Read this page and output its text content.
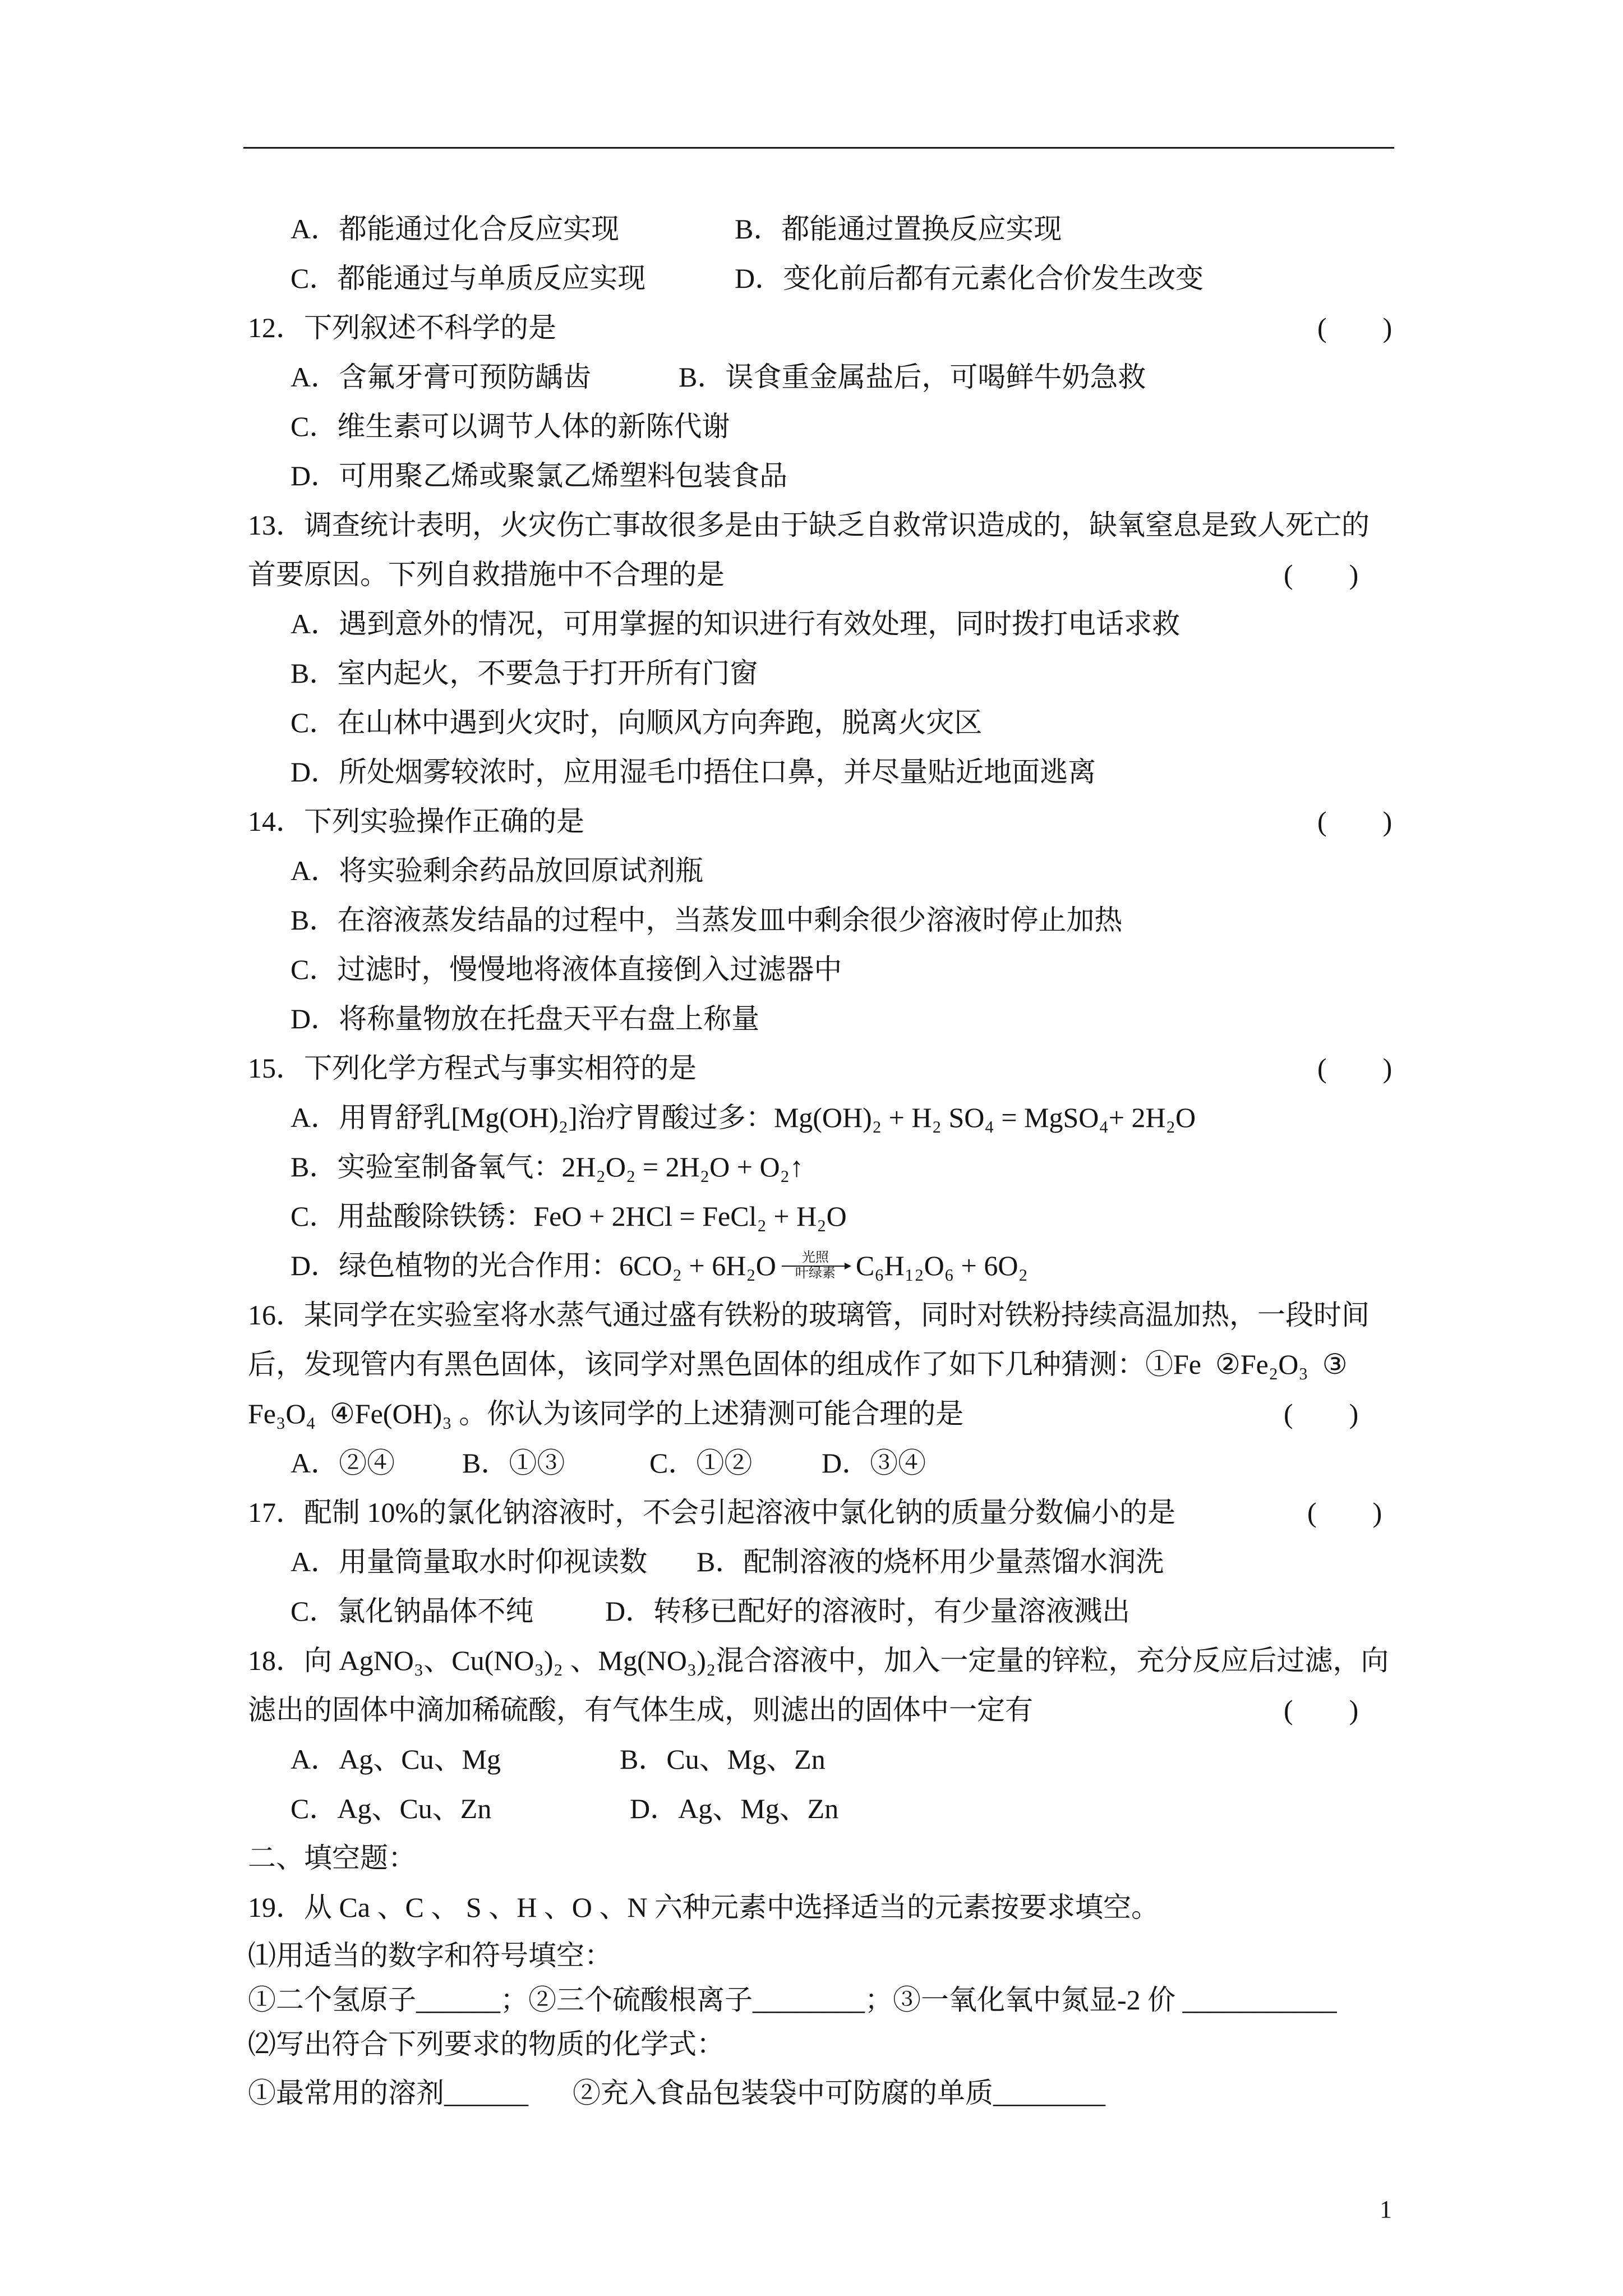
A．都能通过化合反应实现	B．都能通过置换反应实现
C．都能通过与单质反应实现	D．变化前后都有元素化合价发生改变
12．下列叙述不科学的是	(　　)
A．含氟牙膏可预防龋齿	B．误食重金属盐后，可喝鲜牛奶急救
C．维生素可以调节人体的新陈代谢
D．可用聚乙烯或聚氯乙烯塑料包装食品
13．调查统计表明，火灾伤亡事故很多是由于缺乏自救常识造成的，缺氧窒息是致人死亡的
首要原因。下列自救措施中不合理的是	(　　)
A．遇到意外的情况，可用掌握的知识进行有效处理，同时拨打电话求救
B．室内起火，不要急于打开所有门窗
C．在山林中遇到火灾时，向顺风方向奔跑，脱离火灾区
D．所处烟雾较浓时，应用湿毛巾捂住口鼻，并尽量贴近地面逃离
14．下列实验操作正确的是	(　　)
A．将实验剩余药品放回原试剂瓶
B．在溶液蒸发结晶的过程中，当蒸发皿中剩余很少溶液时停止加热
C．过滤时，慢慢地将液体直接倒入过滤器中
D．将称量物放在托盘天平右盘上称量
15．下列化学方程式与事实相符的是	(　　)
A．用胃舒乳[Mg(OH)₂]治疗胃酸过多：Mg(OH)₂ + H₂ SO₄ = MgSO₄+ 2H₂O
B．实验室制备氧气：2H₂O₂ = 2H₂O + O₂↑
C．用盐酸除铁锈：FeO + 2HCl = FeCl₂ + H₂O
D．绿色植物的光合作用：6CO₂ + 6H₂O	光照
叶绿素 C₆H₁₂O₆ + 6O₂
16．某同学在实验室将水蒸气通过盛有铁粉的玻璃管，同时对铁粉持续高温加热，一段时间
后，发现管内有黑色固体，该同学对黑色固体的组成作了如下几种猜测：①Fe  ②Fe₂O₃  ③
Fe₃O₄  ④Fe(OH)₃ 。你认为该同学的上述猜测可能合理的是	(　　)
A．②④ B．①③	C．①② D．③④
17．配制 10%的氯化钠溶液时，不会引起溶液中氯化钠的质量分数偏小的是	(　　)
A．用量筒量取水时仰视读数 B．配制溶液的烧杯用少量蒸馏水润洗
C．氯化钠晶体不纯	D．转移已配好的溶液时，有少量溶液溅出
18．向 AgNO₃、Cu(NO₃)₂ 、Mg(NO₃)₂混合溶液中，加入一定量的锌粒，充分反应后过滤，向
滤出的固体中滴加稀硫酸，有气体生成，则滤出的固体中一定有	(　　)
A．Ag、Cu、Mg	B．Cu、Mg、Zn
C．Ag、Cu、Zn	D．Ag、Mg、Zn
二、填空题：
19．从 Ca 、C 、 S 、H 、O 、N 六种元素中选择适当的元素按要求填空。
⑴用适当的数字和符号填空：
①二个氢原子______；②三个硫酸根离子________；③一氧化氧中氮显-2 价 ___________
⑵写出符合下列要求的物质的化学式：
①最常用的溶剂______ ②充入食品包装袋中可防腐的单质________
1
